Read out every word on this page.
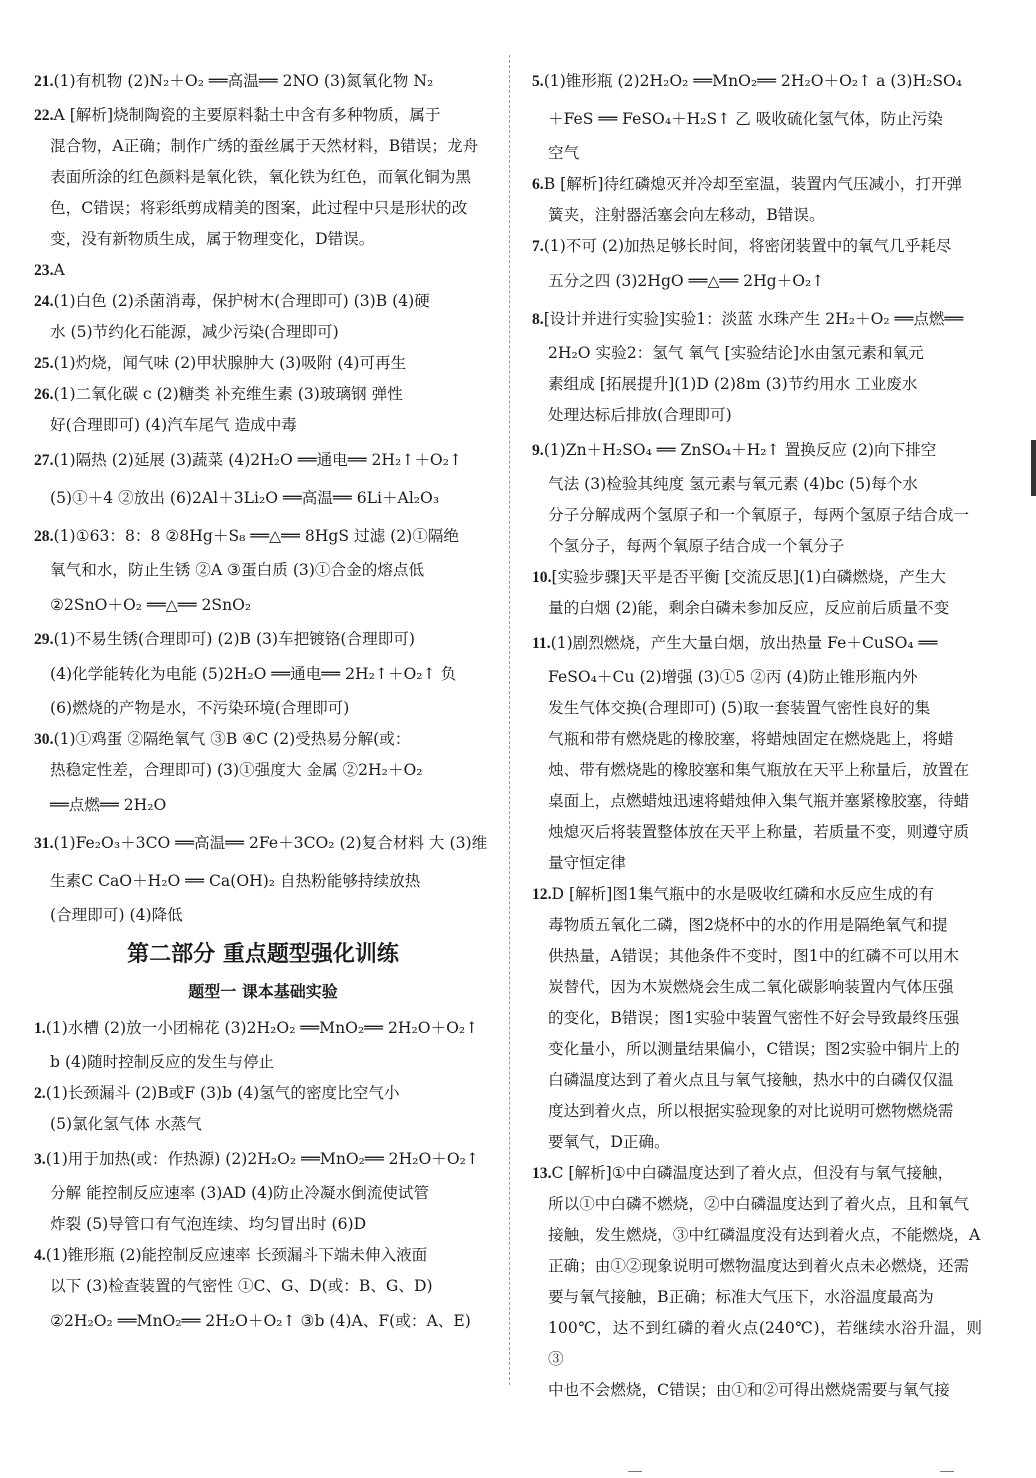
21.(1)有机物 (2)N₂＋O₂ ══高温══ 2NO (3)氮氧化物 N₂

22.A [解析]烧制陶瓷的主要原料黏土中含有多种物质，属于
混合物，A正确；制作广绣的蚕丝属于天然材料，B错误；龙舟
表面所涂的红色颜料是氧化铁，氧化铁为红色，而氧化铜为黑
色，C错误；将彩纸剪成精美的图案，此过程中只是形状的改
变，没有新物质生成，属于物理变化，D错误。

23.A

24.(1)白色 (2)杀菌消毒，保护树木(合理即可) (3)B (4)硬
水 (5)节约化石能源，减少污染(合理即可)

25.(1)灼烧，闻气味 (2)甲状腺肿大 (3)吸附 (4)可再生

26.(1)二氧化碳 c (2)糖类 补充维生素 (3)玻璃钢 弹性
好(合理即可) (4)汽车尾气 造成中毒

27.(1)隔热 (2)延展 (3)蔬菜 (4)2H₂O ══通电══ 2H₂↑＋O₂↑
(5)①＋4 ②放出 (6)2Al＋3Li₂O ══高温══ 6Li＋Al₂O₃

28.(1)①63：8：8 ②8Hg＋S₈ ══△══ 8HgS 过滤 (2)①隔绝
氧气和水，防止生锈 ②A ③蛋白质 (3)①合金的熔点低
②2SnO＋O₂ ══△══ 2SnO₂

29.(1)不易生锈(合理即可) (2)B (3)车把镀铬(合理即可)
(4)化学能转化为电能 (5)2H₂O ══通电══ 2H₂↑＋O₂↑ 负
(6)燃烧的产物是水，不污染环境(合理即可)

30.(1)①鸡蛋 ②隔绝氧气 ③B ④C (2)受热易分解(或：
热稳定性差，合理即可) (3)①强度大 金属 ②2H₂＋O₂
══点燃══ 2H₂O

31.(1)Fe₂O₃＋3CO ══高温══ 2Fe＋3CO₂ (2)复合材料 大 (3)维
生素C CaO＋H₂O ══ Ca(OH)₂ 自热粉能够持续放热
(合理即可) (4)降低

第二部分 重点题型强化训练
题型一 课本基础实验

1.(1)水槽 (2)放一小团棉花 (3)2H₂O₂ ══MnO₂══ 2H₂O＋O₂↑
b (4)随时控制反应的发生与停止

2.(1)长颈漏斗 (2)B或F (3)b (4)氢气的密度比空气小
(5)氯化氢气体 水蒸气

3.(1)用于加热(或：作热源) (2)2H₂O₂ ══MnO₂══ 2H₂O＋O₂↑
分解 能控制反应速率 (3)AD (4)防止冷凝水倒流使试管
炸裂 (5)导管口有气泡连续、均匀冒出时 (6)D

4.(1)锥形瓶 (2)能控制反应速率 长颈漏斗下端未伸入液面
以下 (3)检查装置的气密性 ①C、G、D(或：B、G、D)
②2H₂O₂ ══MnO₂══ 2H₂O＋O₂↑ ③b (4)A、F(或：A、E)

5.(1)锥形瓶 (2)2H₂O₂ ══MnO₂══ 2H₂O＋O₂↑ a (3)H₂SO₄
＋FeS ══ FeSO₄＋H₂S↑ 乙 吸收硫化氢气体，防止污染
空气

6.B [解析]待红磷熄灭并冷却至室温，装置内气压减小，打开弹
簧夹，注射器活塞会向左移动，B错误。

7.(1)不可 (2)加热足够长时间，将密闭装置中的氧气几乎耗尽
五分之四 (3)2HgO ══△══ 2Hg＋O₂↑

8.[设计并进行实验]实验1：淡蓝 水珠产生 2H₂＋O₂ ══点燃══
2H₂O 实验2：氢气 氧气 [实验结论]水由氢元素和氧元
素组成 [拓展提升](1)D (2)8m (3)节约用水 工业废水
处理达标后排放(合理即可)

9.(1)Zn＋H₂SO₄ ══ ZnSO₄＋H₂↑ 置换反应 (2)向下排空
气法 (3)检验其纯度 氢元素与氧元素 (4)bc (5)每个水
分子分解成两个氢原子和一个氧原子，每两个氢原子结合成一
个氢分子，每两个氧原子结合成一个氧分子

10.[实验步骤]天平是否平衡 [交流反思](1)白磷燃烧，产生大
量的白烟 (2)能，剩余白磷未参加反应，反应前后质量不变

11.(1)剧烈燃烧，产生大量白烟，放出热量 Fe＋CuSO₄ ══
FeSO₄＋Cu (2)增强 (3)①5 ②丙 (4)防止锥形瓶内外
发生气体交换(合理即可) (5)取一套装置气密性良好的集
气瓶和带有燃烧匙的橡胶塞，将蜡烛固定在燃烧匙上，将蜡
烛、带有燃烧匙的橡胶塞和集气瓶放在天平上称量后，放置在
桌面上，点燃蜡烛迅速将蜡烛伸入集气瓶并塞紧橡胶塞，待蜡
烛熄灭后将装置整体放在天平上称量，若质量不变，则遵守质
量守恒定律

12.D [解析]图1集气瓶中的水是吸收红磷和水反应生成的有
毒物质五氧化二磷，图2烧杯中的水的作用是隔绝氧气和提
供热量，A错误；其他条件不变时，图1中的红磷不可以用木
炭替代，因为木炭燃烧会生成二氧化碳影响装置内气体压强
的变化，B错误；图1实验中装置气密性不好会导致最终压强
变化量小，所以测量结果偏小，C错误；图2实验中铜片上的
白磷温度达到了着火点且与氧气接触，热水中的白磷仅仅温
度达到着火点，所以根据实验现象的对比说明可燃物燃烧需
要氧气，D正确。

13.C [解析]①中白磷温度达到了着火点，但没有与氧气接触，
所以①中白磷不燃烧，②中白磷温度达到了着火点，且和氧气
接触，发生燃烧，③中红磷温度没有达到着火点，不能燃烧，A
正确；由①②现象说明可燃物温度达到着火点未必燃烧，还需
要与氧气接触，B正确；标准大气压下，水浴温度最高为
100℃，达不到红磷的着火点(240℃)，若继续水浴升温，则③
中也不会燃烧，C错误；由①和②可得出燃烧需要与氧气接
